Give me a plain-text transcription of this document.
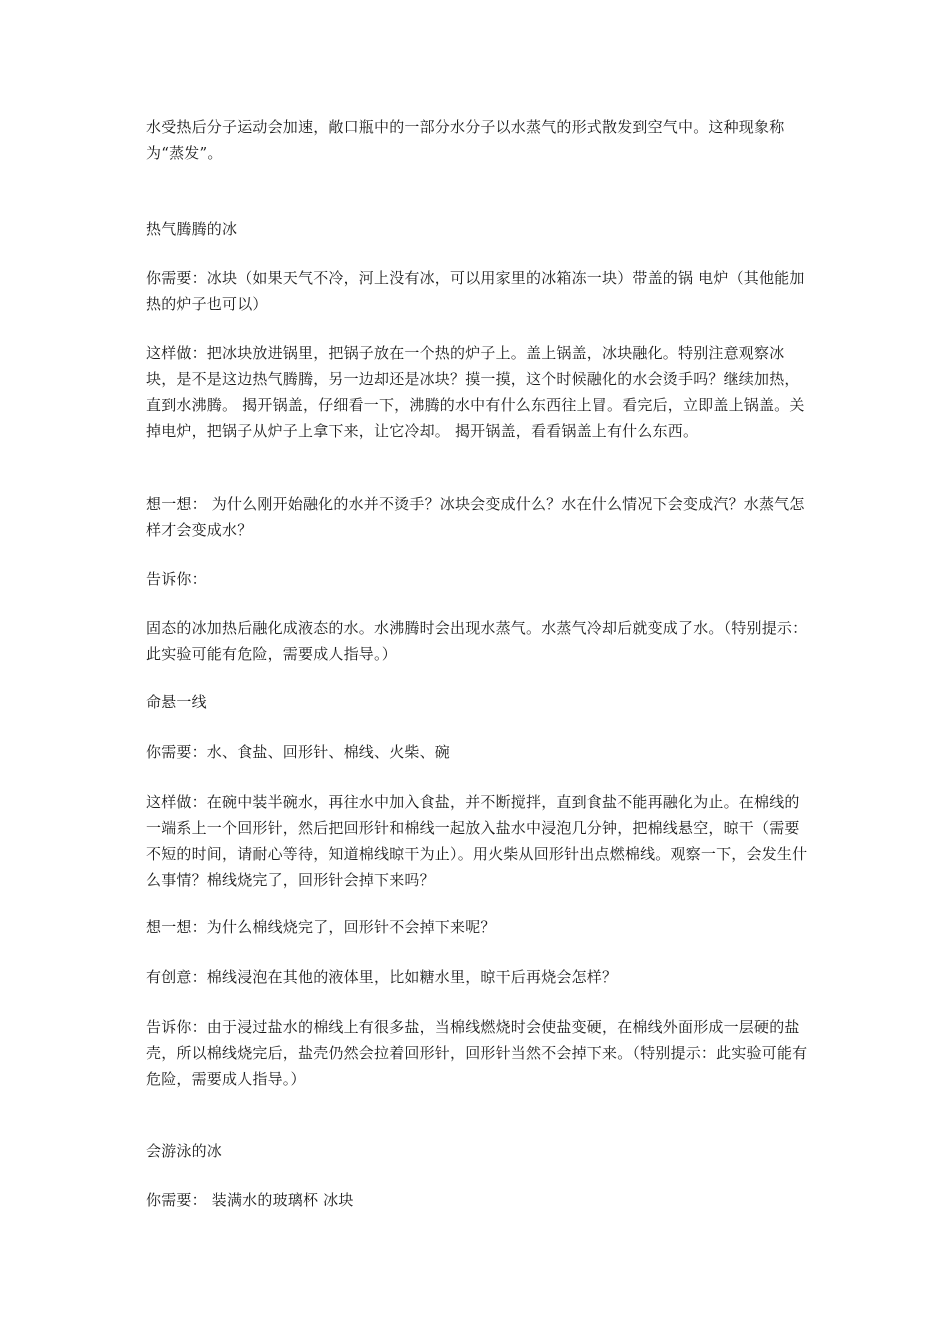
水受热后分子运动会加速，敞口瓶中的一部分水分子以水蒸气的形式散发到空气中。这种现象称为“蒸发”。

热气腾腾的冰

你需要：冰块（如果天气不冷，河上没有冰，可以用家里的冰箱冻一块）带盖的锅 电炉（其他能加热的炉子也可以）

这样做：把冰块放进锅里，把锅子放在一个热的炉子上。盖上锅盖，冰块融化。特别注意观察冰块，是不是这边热气腾腾，另一边却还是冰块？摸一摸，这个时候融化的水会烫手吗？继续加热，直到水沸腾。 揭开锅盖，仔细看一下，沸腾的水中有什么东西往上冒。看完后，立即盖上锅盖。关掉电炉，把锅子从炉子上拿下来，让它冷却。 揭开锅盖，看看锅盖上有什么东西。

想一想： 为什么刚开始融化的水并不烫手？冰块会变成什么？水在什么情况下会变成汽？水蒸气怎样才会变成水？

告诉你：

固态的冰加热后融化成液态的水。水沸腾时会出现水蒸气。水蒸气冷却后就变成了水。（特别提示：此实验可能有危险，需要成人指导。）

命悬一线

你需要：水、食盐、回形针、棉线、火柴、碗

这样做：在碗中装半碗水，再往水中加入食盐，并不断搅拌，直到食盐不能再融化为止。在棉线的一端系上一个回形针，然后把回形针和棉线一起放入盐水中浸泡几分钟，把棉线悬空，晾干（需要不短的时间，请耐心等待，知道棉线晾干为止）。用火柴从回形针出点燃棉线。观察一下，会发生什么事情？棉线烧完了，回形针会掉下来吗？

想一想：为什么棉线烧完了，回形针不会掉下来呢？

有创意：棉线浸泡在其他的液体里，比如糖水里，晾干后再烧会怎样？

告诉你：由于浸过盐水的棉线上有很多盐，当棉线燃烧时会使盐变硬，在棉线外面形成一层硬的盐壳，所以棉线烧完后，盐壳仍然会拉着回形针，回形针当然不会掉下来。（特别提示：此实验可能有危险，需要成人指导。）

会游泳的冰

你需要： 装满水的玻璃杯 冰块
